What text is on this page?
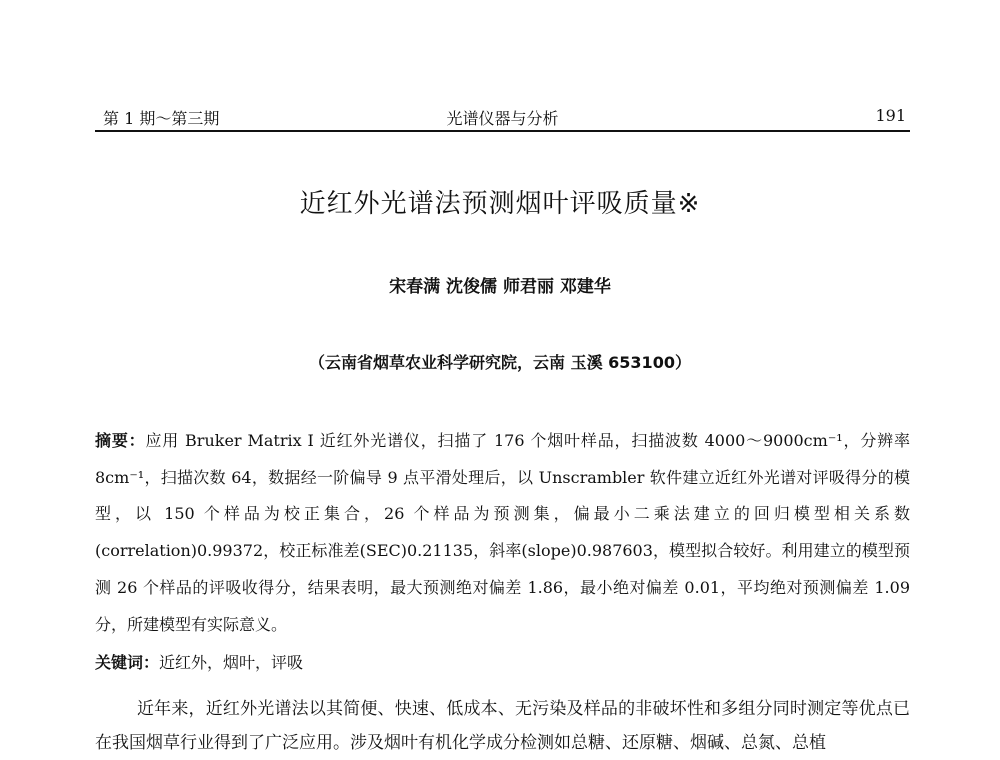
第 1 期～第三期	光谱仪器与分析	191
近红外光谱法预测烟叶评吸质量※
宋春满 沈俊儒 师君丽 邓建华
（云南省烟草农业科学研究院，云南 玉溪 653100）
摘要：应用 Bruker Matrix I 近红外光谱仪，扫描了 176 个烟叶样品，扫描波数 4000～9000cm⁻¹，分辨率 8cm⁻¹，扫描次数 64，数据经一阶偏导 9 点平滑处理后，以 Unscrambler 软件建立近红外光谱对评吸得分的模型，以 150 个样品为校正集合，26 个样品为预测集，偏最小二乘法建立的回归模型相关系数(correlation)0.99372，校正标准差(SEC)0.21135，斜率(slope)0.987603，模型拟合较好。利用建立的模型预测 26 个样品的评吸收得分，结果表明，最大预测绝对偏差 1.86，最小绝对偏差 0.01，平均绝对预测偏差 1.09 分，所建模型有实际意义。
关键词：近红外，烟叶，评吸
近年来，近红外光谱法以其简便、快速、低成本、无污染及样品的非破坏性和多组分同时测定等优点已在我国烟草行业得到了广泛应用。涉及烟叶有机化学成分检测如总糖、还原糖、烟碱、总氮、总植
